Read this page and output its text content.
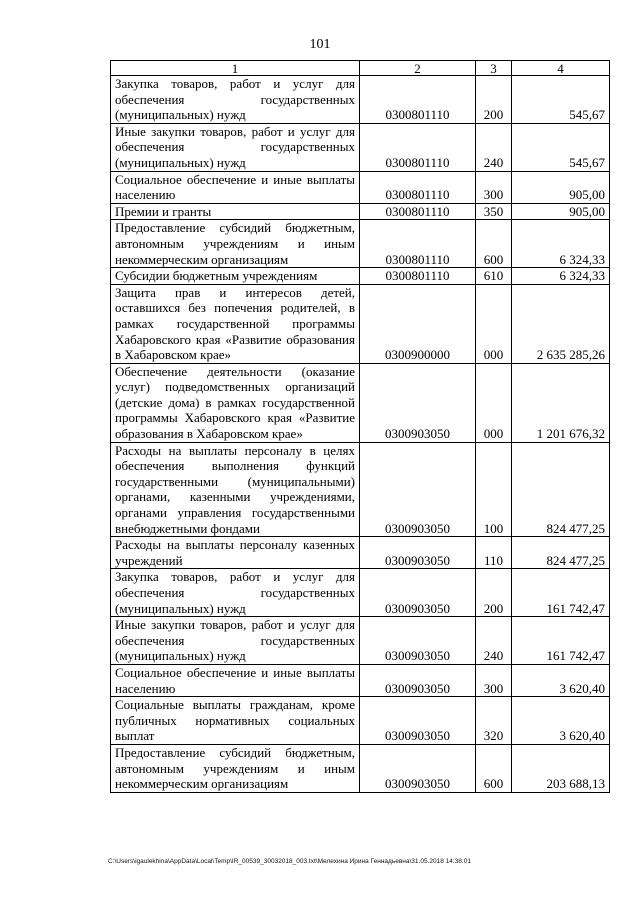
101
1	2	3	4
Закупка товаров, работ и услуг для обеспечения государственных (муниципальных) нужд	0300801110	200	545,67
Иные закупки товаров, работ и услуг для обеспечения государственных (муниципальных) нужд	0300801110	240	545,67
Социальное обеспечение и иные выплаты населению	0300801110	300	905,00
Премии и гранты	0300801110	350	905,00
Предоставление субсидий бюджетным, автономным учреждениям и иным некоммерческим организациям	0300801110	600	6 324,33
Субсидии бюджетным учреждениям	0300801110	610	6 324,33
Защита прав и интересов детей, оставшихся без попечения родителей, в рамках государственной программы Хабаровского края «Развитие образования в Хабаровском крае»	0300900000	000	2 635 285,26
Обеспечение деятельности (оказание услуг) подведомственных организаций (детские дома) в рамках государственной программы Хабаровского края «Развитие образования в Хабаровском крае»	0300903050	000	1 201 676,32
Расходы на выплаты персоналу в целях обеспечения выполнения функций государственными (муниципальными) органами, казенными учреждениями, органами управления государственными внебюджетными фондами	0300903050	100	824 477,25
Расходы на выплаты персоналу казенных учреждений	0300903050	110	824 477,25
Закупка товаров, работ и услуг для обеспечения государственных (муниципальных) нужд	0300903050	200	161 742,47
Иные закупки товаров, работ и услуг для обеспечения государственных (муниципальных) нужд	0300903050	240	161 742,47
Социальное обеспечение и иные выплаты населению	0300903050	300	3 620,40
Социальные выплаты гражданам, кроме публичных нормативных социальных выплат	0300903050	320	3 620,40
Предоставление субсидий бюджетным, автономным учреждениям и иным некоммерческим организациям	0300903050	600	203 688,13
C:\Users\igaulekhina\AppData\Local\Temp\IR_00539_30032018_003.txt\Мелехина Ирина Геннадьевна\31.05.2018 14:38:01
